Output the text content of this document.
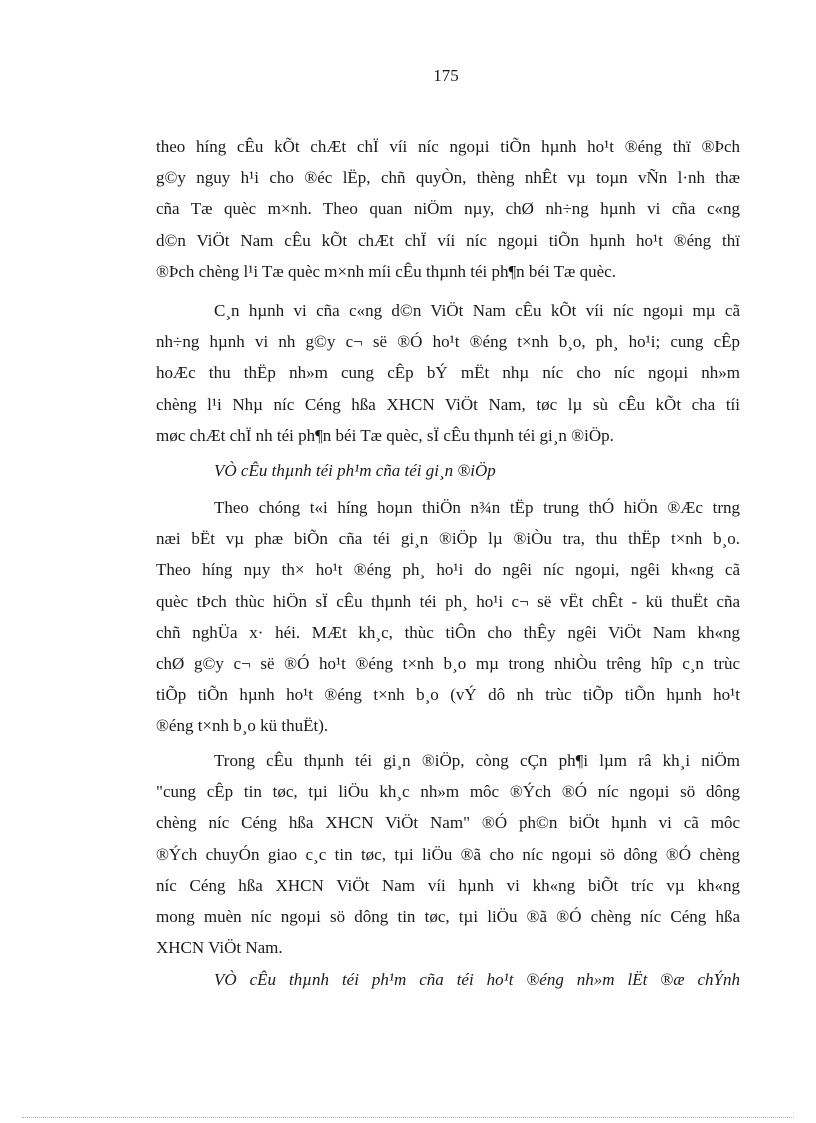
175
theo híng cÊu kÕt chÆt chÏ víi níc ngoµi tiÕn hµnh ho¹t ®éng thï ®Þch
g©y nguy h¹i cho ®éc lËp, chñ quyÒn, thèng nhÊt vµ toµn vÑn l·nh thæ
cña Tæ quèc m×nh. Theo quan niÖm nµy, chØ nh÷ng hµnh vi cña c«ng
d©n ViÖt Nam cÊu kÕt chÆt chÏ víi níc ngoµi tiÕn hµnh ho¹t ®éng thï
®Þch chèng l¹i Tæ quèc m×nh míi cÊu thµnh téi ph¶n béi Tæ quèc.
C¸n hµnh vi cña c«ng d©n ViÖt Nam cÊu kÕt víi níc ngoµi mµ cã
nh÷ng hµnh vi nh g©y c¬ së ®Ó ho¹t ®éng t×nh b¸o, ph¸ ho¹i; cung cÊp
hoÆc thu thËp nh»m cung cÊp bÝ mËt nhµ níc cho níc ngoµi nh»m
chèng l¹i Nhµ níc Céng hßa XHCN ViÖt Nam, tøc lµ sù cÊu kÕt cha tíi
møc chÆt chÏ nh téi ph¶n béi Tæ quèc, sÏ cÊu thµnh téi gi¸n ®iÖp.
VÒ cÊu thµnh téi ph¹m cña téi gi¸n ®iÖp
Theo chóng t«i híng hoµn thiÖn n¾n tËp trung thÓ hiÖn ®Æc trng
næi bËt vµ phæ biÕn cña téi gi¸n ®iÖp lµ ®iÒu tra, thu thËp t×nh b¸o.
Theo híng nµy th× ho¹t ®éng ph¸ ho¹i do ngêi níc ngoµi, ngêi kh«ng cã
quèc tÞch thùc hiÖn sÏ cÊu thµnh téi ph¸ ho¹i c¬ së vËt chÊt - kü thuËt cña
chñ nghÜa x· héi. MÆt kh¸c, thùc tiÔn cho thÊy ngêi ViÖt Nam kh«ng
chØ g©y c¬ së ®Ó ho¹t ®éng t×nh b¸o mµ trong nhiÒu trêng hîp c¸n trùc
tiÕp tiÕn hµnh ho¹t ®éng t×nh b¸o (vÝ dô nh trùc tiÕp tiÕn hµnh ho¹t
®éng t×nh b¸o kü thuËt).
Trong cÊu thµnh téi gi¸n ®iÖp, còng cÇn ph¶i lµm râ kh¸i niÖm
"cung cÊp tin tøc, tµi liÖu kh¸c nh»m môc ®Ých ®Ó níc ngoµi sö dông
chèng níc Céng hßa XHCN ViÖt Nam" ®Ó ph©n biÖt hµnh vi cã môc
®Ých chuyÓn giao c¸c tin tøc, tµi liÖu ®ã cho níc ngoµi sö dông ®Ó chèng
níc Céng hßa XHCN ViÖt Nam víi hµnh vi kh«ng biÕt tríc vµ kh«ng
mong muèn níc ngoµi sö dông tin tøc, tµi liÖu ®ã ®Ó chèng níc Céng hßa
XHCN ViÖt Nam.
VÒ cÊu thµnh téi ph¹m cña téi ho¹t ®éng nh»m lËt ®æ chÝnh
